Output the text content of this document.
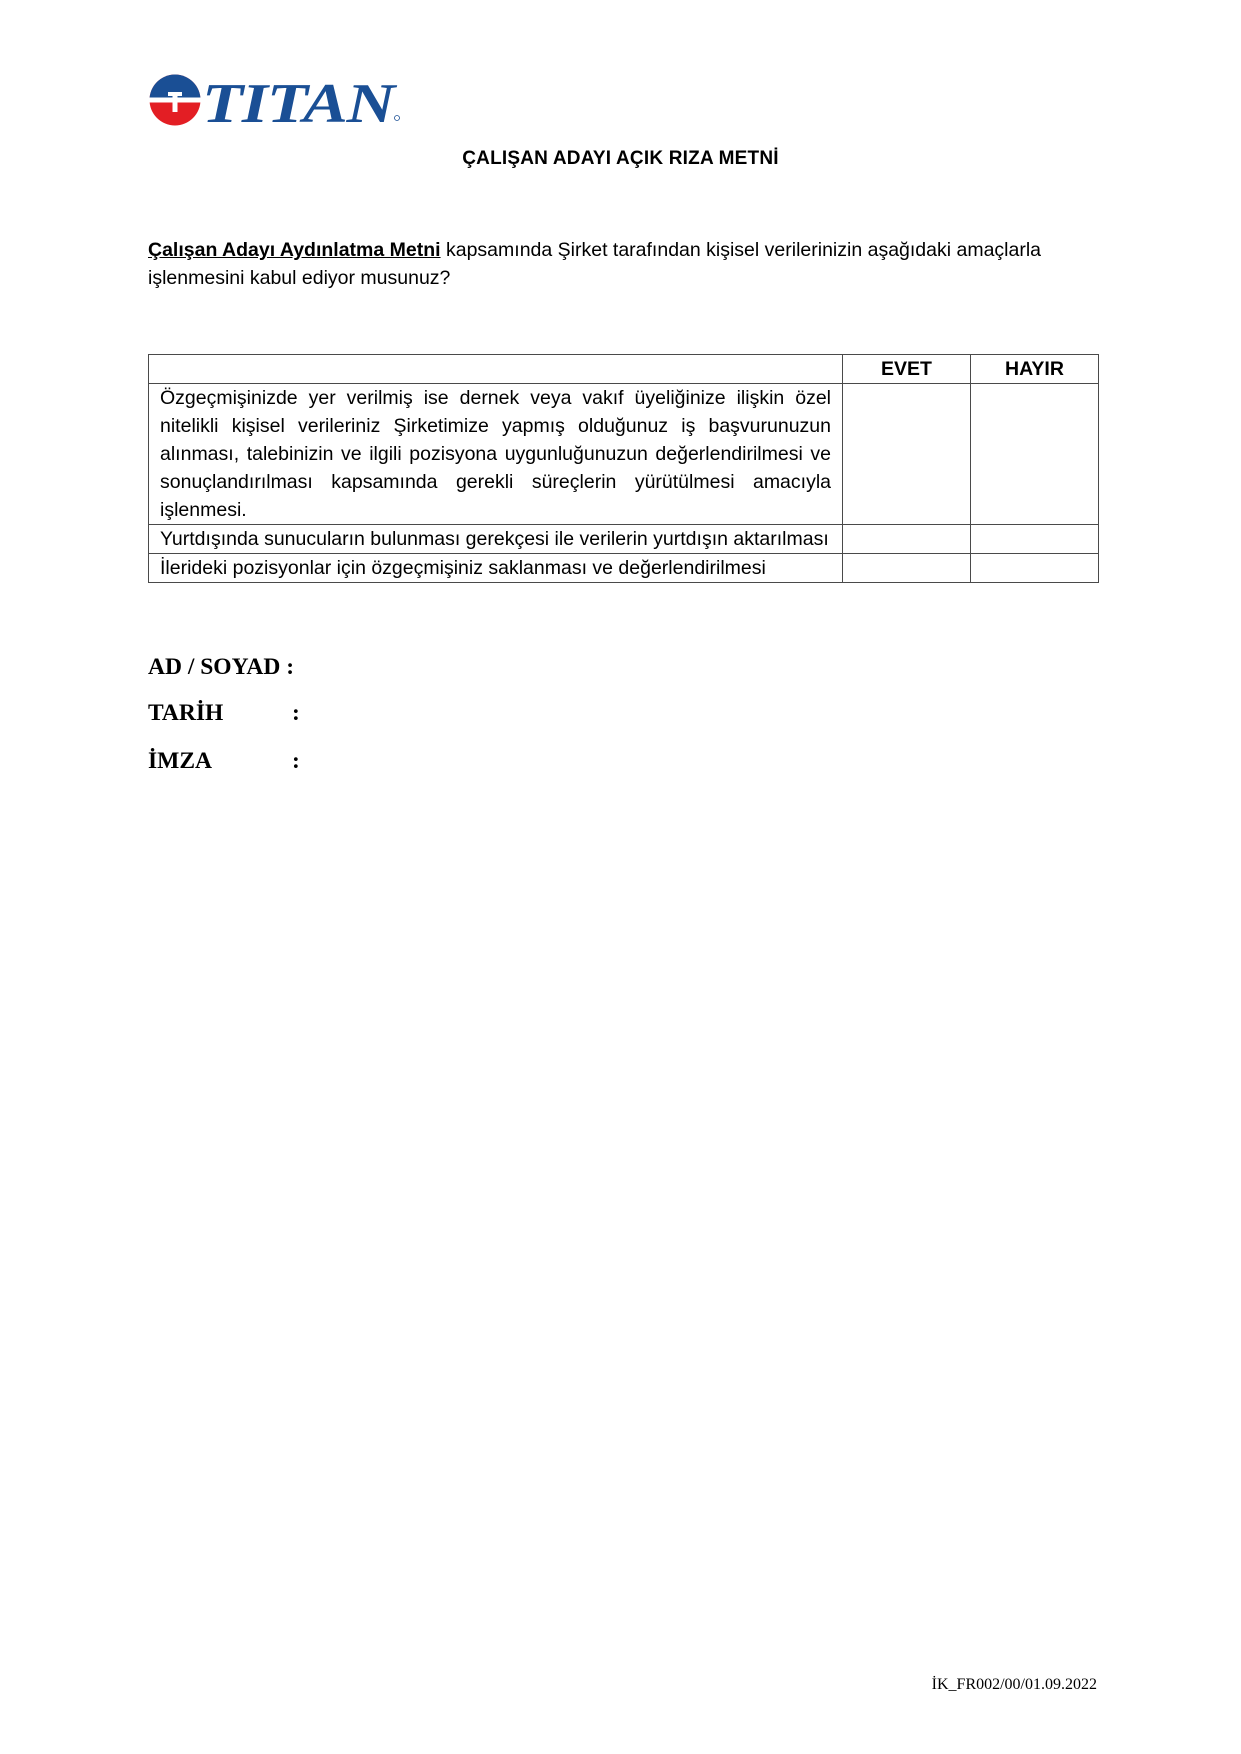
TITAN
ÇALIŞAN ADAYI AÇIK RIZA METNİ
Çalışan Adayı Aydınlatma Metni kapsamında Şirket tarafından kişisel verilerinizin aşağıdaki amaçlarla işlenmesini kabul ediyor musunuz?
	EVET	HAYIR
Özgeçmişinizde yer verilmiş ise dernek veya vakıf üyeliğinize ilişkin özel nitelikli kişisel verileriniz Şirketimize yapmış olduğunuz iş başvurunuzun alınması, talebinizin ve ilgili pozisyona uygunluğunuzun değerlendirilmesi ve sonuçlandırılması kapsamında gerekli süreçlerin yürütülmesi amacıyla işlenmesi.		
Yurtdışında sunucuların bulunması gerekçesi ile verilerin yurtdışın aktarılması		
İlerideki pozisyonlar için özgeçmişiniz saklanması ve değerlendirilmesi		
AD / SOYAD :
TARİH	:
İMZA	:
İK_FR002/00/01.09.2022
